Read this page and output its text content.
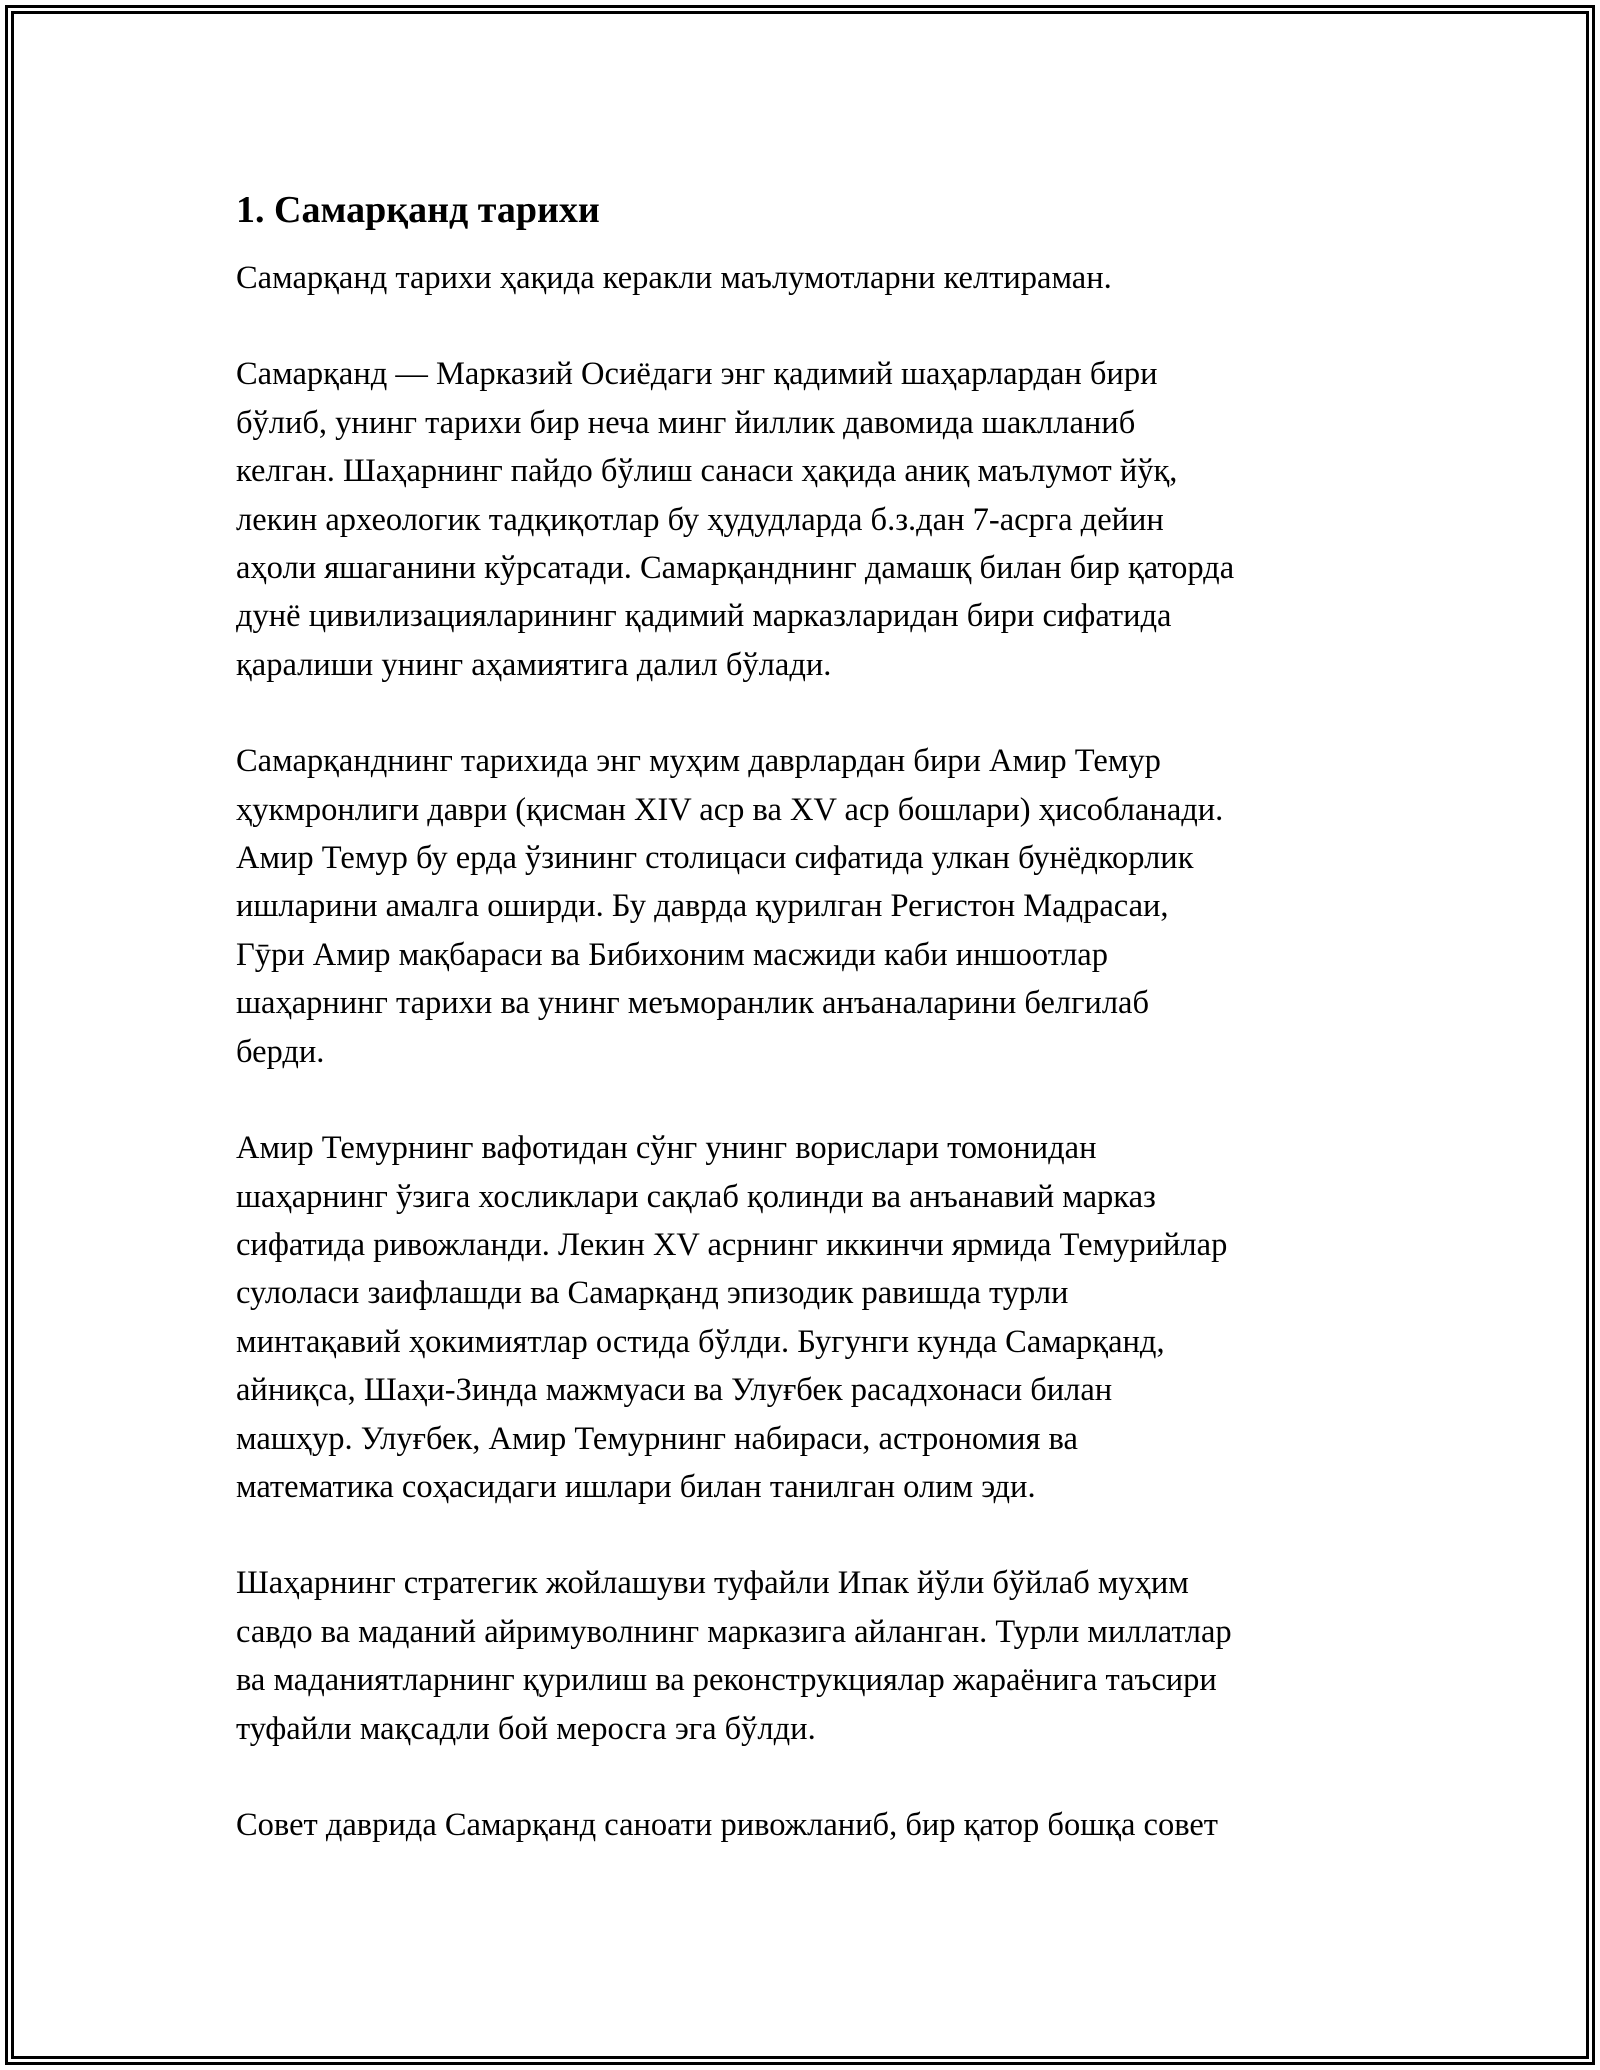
1. Самарқанд тарихи

Самарқанд тарихи ҳақида керакли маълумотларни келтираман.

Самарқанд — Марказий Осиёдаги энг қадимий шаҳарлардан бири
бўлиб, унинг тарихи бир неча минг йиллик давомида шаклланиб
келган. Шаҳарнинг пайдо бўлиш санаси ҳақида аниқ маълумот йўқ,
лекин археологик тадқиқотлар бу ҳудудларда б.з.дан 7-асрга дейин
аҳоли яшаганини кўрсатади. Самарқанднинг дамашқ билан бир қаторда
дунё цивилизацияларининг қадимий марказларидан бири сифатида
қаралиши унинг аҳамиятига далил бўлади.

Самарқанднинг тарихида энг муҳим даврлардан бири Амир Темур
ҳукмронлиги даври (қисман XIV аср ва XV аср бошлари) ҳисобланади.
Амир Темур бу ерда ўзининг столицаси сифатида улкан бунёдкорлик
ишларини амалга оширди. Бу даврда қурилган Регистон Мадрасаи,
Гӯри Амир мақбараси ва Бибихоним масжиди каби иншоотлар
шаҳарнинг тарихи ва унинг меъморанлик анъаналарини белгилаб
берди.

Амир Темурнинг вафотидан сўнг унинг ворислари томонидан
шаҳарнинг ўзига хосликлари сақлаб қолинди ва анъанавий марказ
сифатида ривожланди. Лекин XV асрнинг иккинчи ярмида Темурийлар
сулоласи заифлашди ва Самарқанд эпизодик равишда турли
минтақавий ҳокимиятлар остида бўлди. Бугунги кунда Самарқанд,
айниқса, Шаҳи-Зинда мажмуаси ва Улуғбек расадхонаси билан
машҳур. Улуғбек, Амир Темурнинг набираси, астрономия ва
математика соҳасидаги ишлари билан танилган олим эди.

Шаҳарнинг стратегик жойлашуви туфайли Ипак йўли бўйлаб муҳим
савдо ва маданий айримуволнинг марказига айланган. Турли миллатлар
ва маданиятларнинг қурилиш ва реконструкциялар жараёнига таъсири
туфайли мақсадли бой меросга эга бўлди.

Совет даврида Самарқанд саноати ривожланиб, бир қатор бошқа совет
